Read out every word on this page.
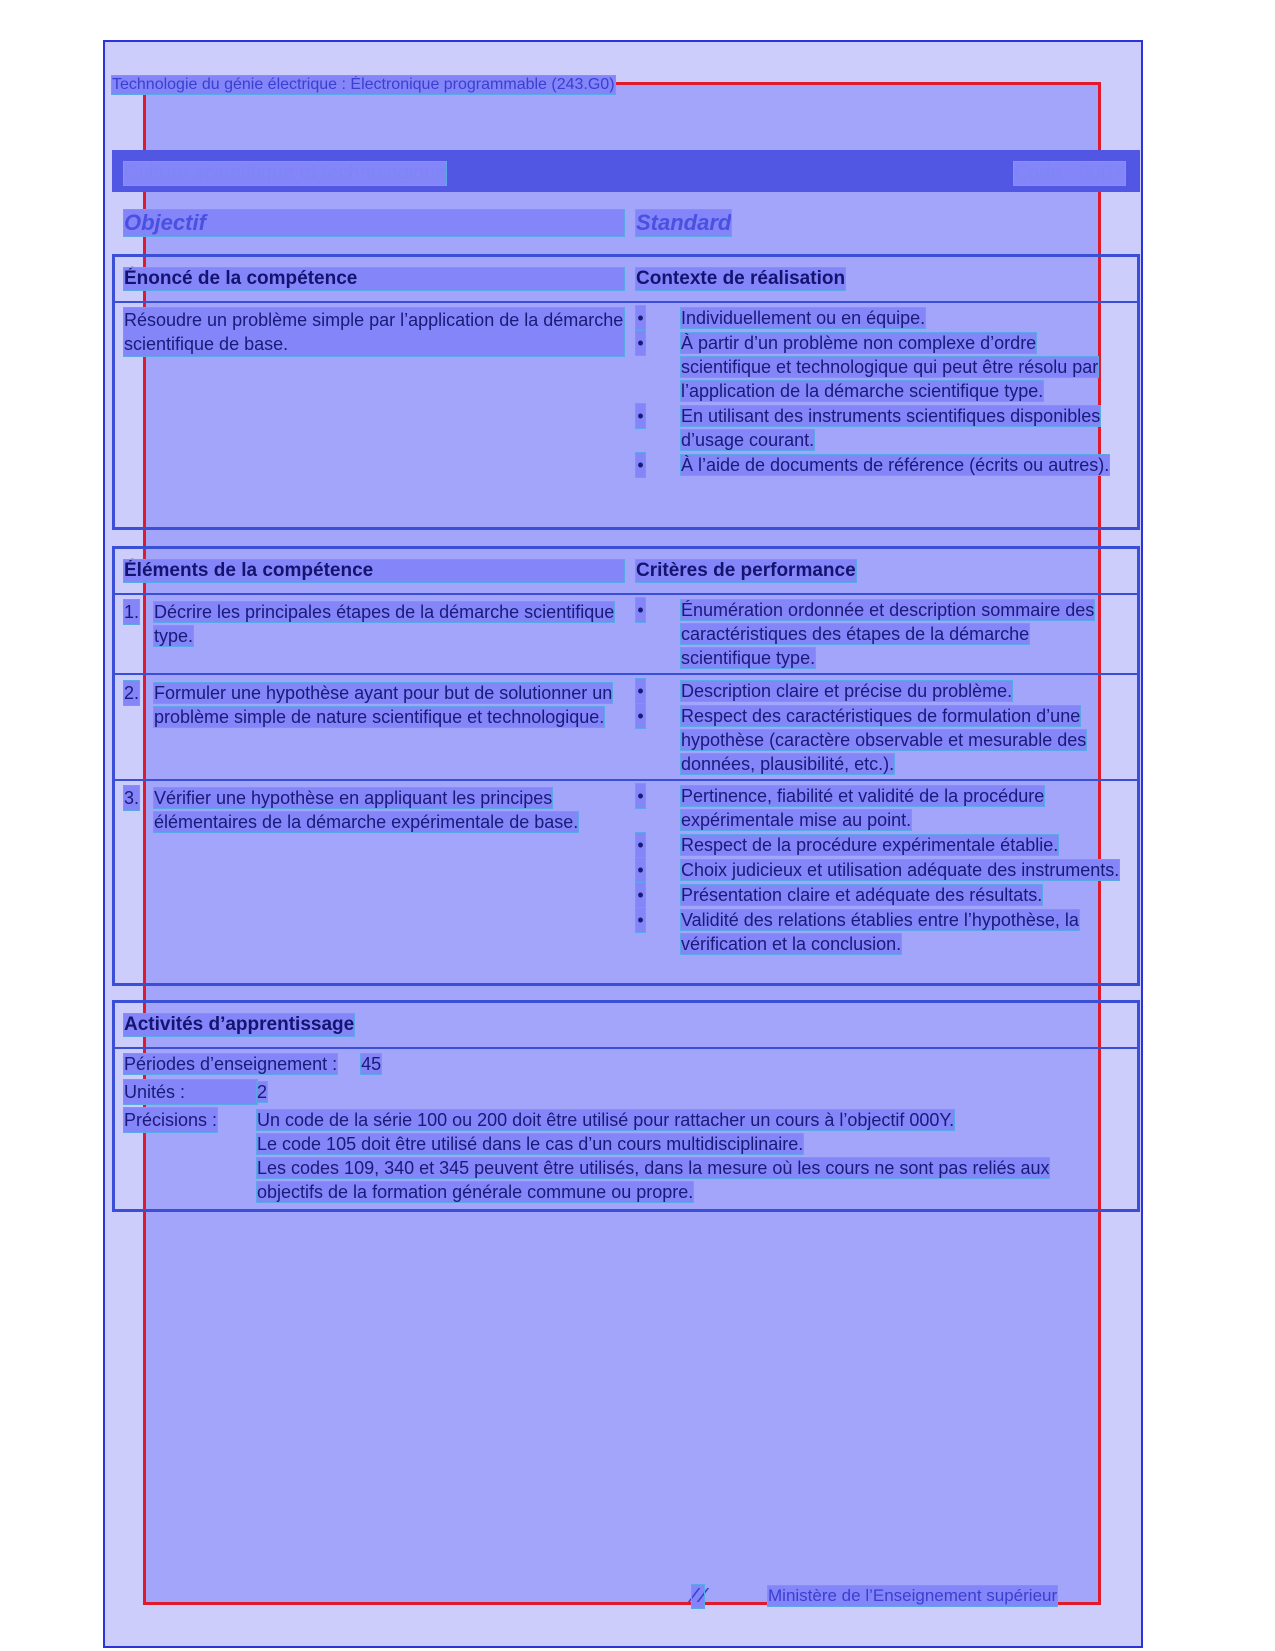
Technologie du génie électrique : Électronique programmable (243.G0)
Culture scientifique et technologique	Code : 000Y
Objectif	Standard
Énoncé de la compétence	Contexte de réalisation
Résoudre un problème simple par l’application de la démarche scientifique de base.
• Individuellement ou en équipe.
• À partir d’un problème non complexe d’ordre scientifique et technologique qui peut être résolu par l’application de la démarche scientifique type.
• En utilisant des instruments scientifiques disponibles d’usage courant.
• À l’aide de documents de référence (écrits ou autres).
Éléments de la compétence	Critères de performance
1. Décrire les principales étapes de la démarche scientifique type.
• Énumération ordonnée et description sommaire des caractéristiques des étapes de la démarche scientifique type.
2. Formuler une hypothèse ayant pour but de solutionner un problème simple de nature scientifique et technologique.
• Description claire et précise du problème.
• Respect des caractéristiques de formulation d’une hypothèse (caractère observable et mesurable des données, plausibilité, etc.).
3. Vérifier une hypothèse en appliquant les principes élémentaires de la démarche expérimentale de base.
• Pertinence, fiabilité et validité de la procédure expérimentale mise au point.
• Respect de la procédure expérimentale établie.
• Choix judicieux et utilisation adéquate des instruments.
• Présentation claire et adéquate des résultats.
• Validité des relations établies entre l’hypothèse, la vérification et la conclusion.
Activités d’apprentissage
Périodes d’enseignement : 45
Unités :	2
Précisions : Un code de la série 100 ou 200 doit être utilisé pour rattacher un cours à l’objectif 000Y.
Le code 105 doit être utilisé dans le cas d’un cours multidisciplinaire.
Les codes 109, 340 et 345 peuvent être utilisés, dans la mesure où les cours ne sont pas reliés aux objectifs de la formation générale commune ou propre.
⁄ ⁄	Ministère de l’Enseignement supérieur
